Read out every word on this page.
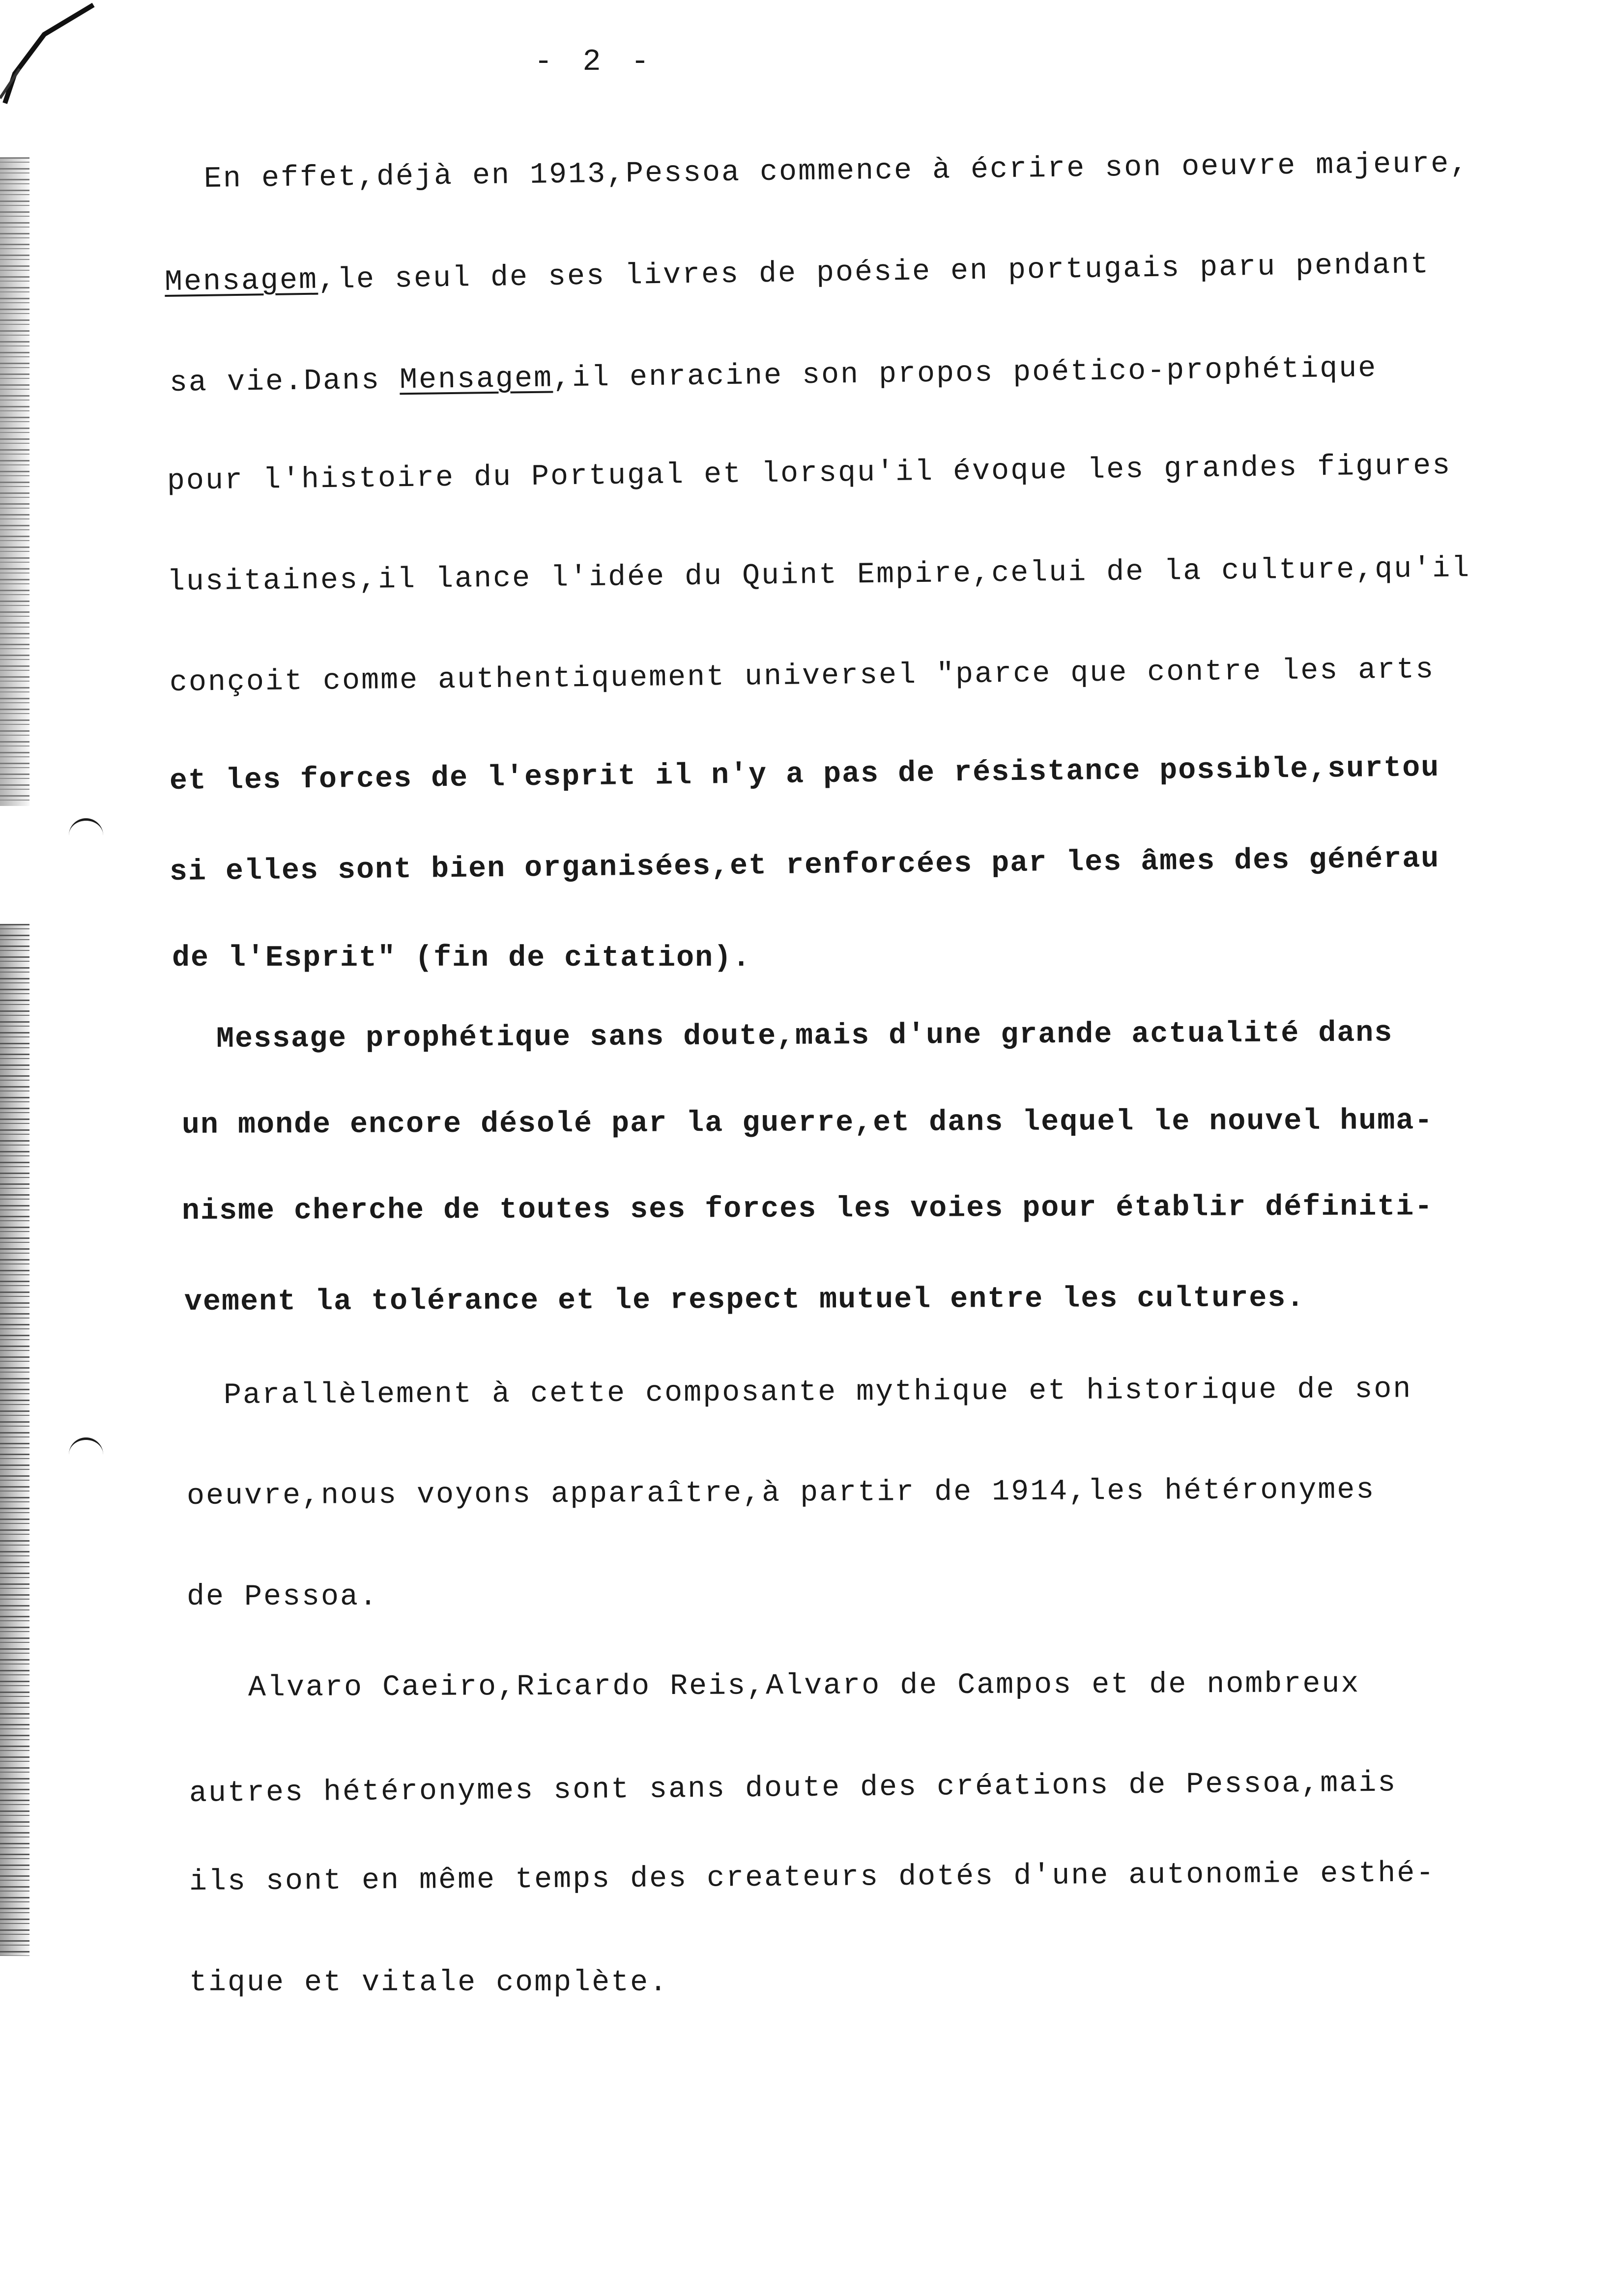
- 2 -
En effet,déjà en 1913,Pessoa commence à écrire son oeuvre majeure,
Mensagem,le seul de ses livres de poésie en portugais paru pendant
sa vie.Dans Mensagem,il enracine son propos poético-prophétique
pour l'histoire du Portugal et lorsqu'il évoque les grandes figures
lusitaines,il lance l'idée du Quint Empire,celui de la culture,qu'il
conçoit comme authentiquement universel "parce que contre les arts
et les forces de l'esprit il n'y a pas de résistance possible,surtou
si elles sont bien organisées,et renforcées par les âmes des générau
de l'Esprit" (fin de citation).
Message prophétique sans doute,mais d'une grande actualité dans
un monde encore désolé par la guerre,et dans lequel le nouvel huma-
nisme cherche de toutes ses forces les voies pour établir définiti-
vement la tolérance et le respect mutuel entre les cultures.
Parallèlement à cette composante mythique et historique de son
oeuvre,nous voyons apparaître,à partir de 1914,les hétéronymes
de Pessoa.
Alvaro Caeiro,Ricardo Reis,Alvaro de Campos et de nombreux
autres hétéronymes sont sans doute des créations de Pessoa,mais
ils sont en même temps des createurs dotés d'une autonomie esthé-
tique et vitale complète.
